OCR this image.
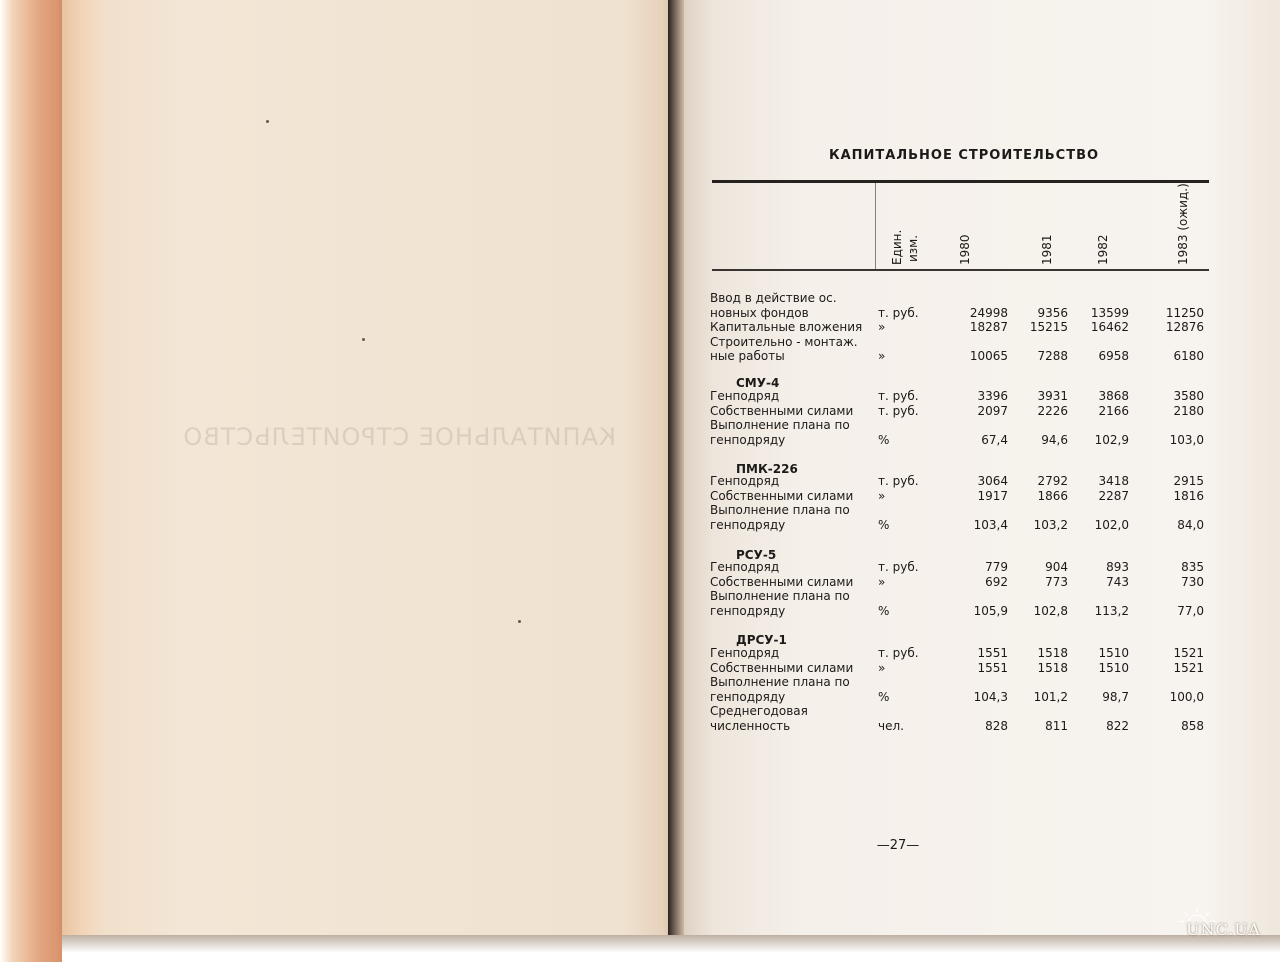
КАПИТАЛЬНОЕ СТРОИТЕЛЬСТВО
КАПИТАЛЬНОЕ СТРОИТЕЛЬСТВО
Един. изм.	1980	1981	1982	1983 (ожид.)
Ввод в действие ос.
новных фондов	т. руб.	24998	9356	13599	11250
Капитальные вложения	»	18287	15215	16462	12876
Строительно - монтаж.
ные работы	»	10065	7288	6958	6180
СМУ-4
Генподряд	т. руб.	3396	3931	3868	3580
Собственными силами	т. руб.	2097	2226	2166	2180
Выполнение плана по
генподряду	%	67,4	94,6	102,9	103,0
ПМК-226
Генподряд	т. руб.	3064	2792	3418	2915
Собственными силами	»	1917	1866	2287	1816
Выполнение плана по
генподряду	%	103,4	103,2	102,0	84,0
РСУ-5
Генподряд	т. руб.	779	904	893	835
Собственными силами	»	692	773	743	730
Выполнение плана по
генподряду	%	105,9	102,8	113,2	77,0
ДРСУ-1
Генподряд	т. руб.	1551	1518	1510	1521
Собственными силами	»	1551	1518	1510	1521
Выполнение плана по
генподряду	%	104,3	101,2	98,7	100,0
Среднегодовая
численность	чел.	828	811	822	858
—27—
UNC.UA
